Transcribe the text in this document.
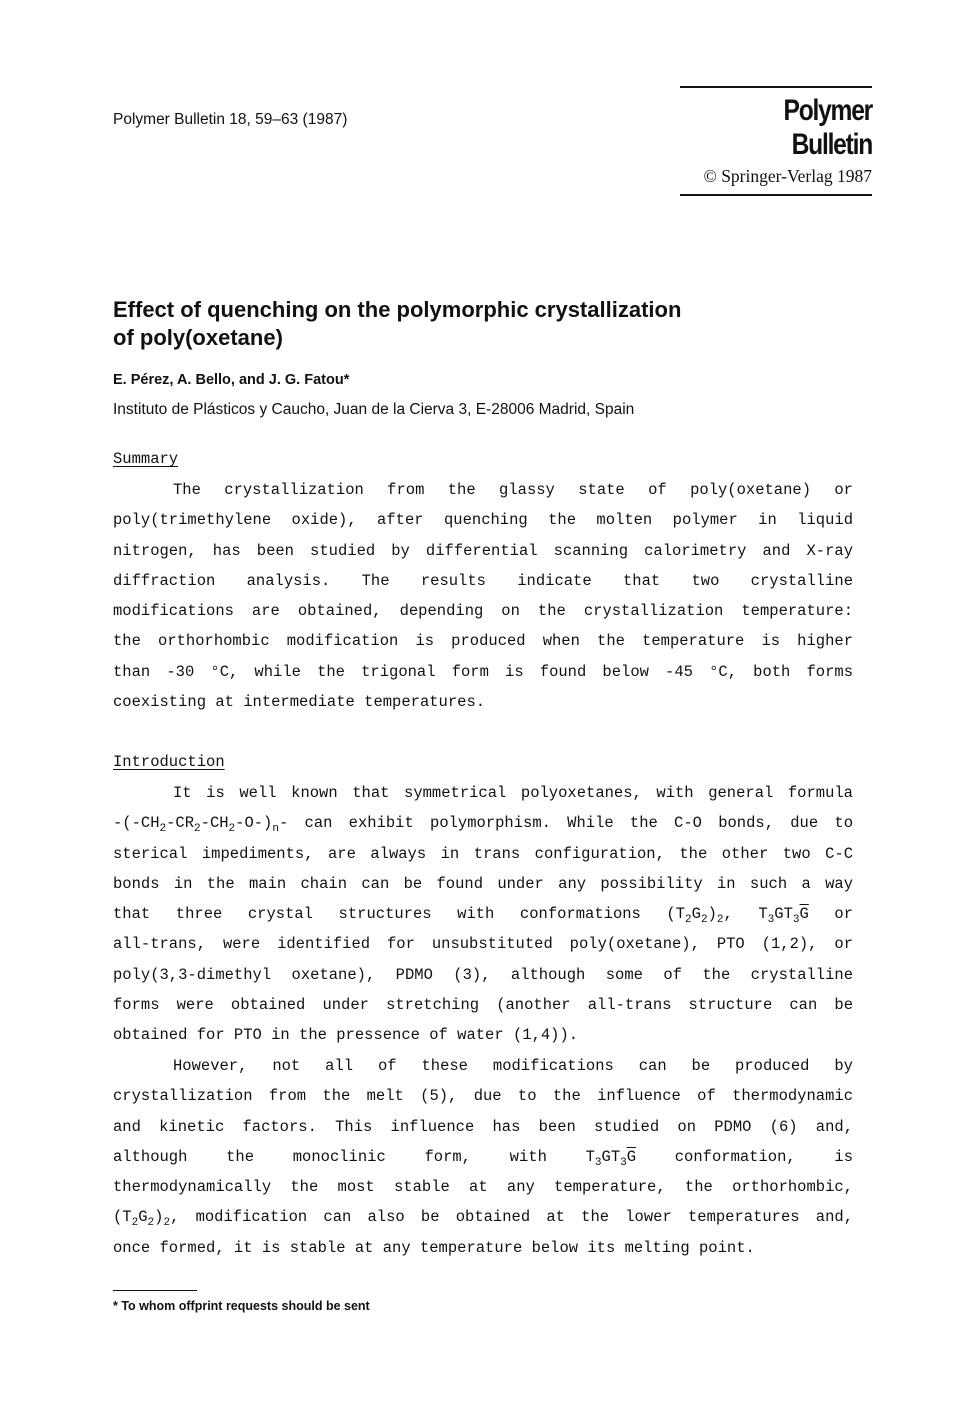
Polymer Bulletin 18, 59–63 (1987)	Polymer Bulletin
© Springer-Verlag 1987
Effect of quenching on the polymorphic crystallization
of poly(oxetane)
E. Pérez, A. Bello, and J. G. Fatou*
Instituto de Plásticos y Caucho, Juan de la Cierva 3, E-28006 Madrid, Spain
Summary
The crystallization from the glassy state of poly(oxetane) or
poly(trimethylene oxide), after quenching the molten polymer in liquid
nitrogen, has been studied by differential scanning calorimetry and X-ray
diffraction analysis. The results indicate that two crystalline
modifications are obtained, depending on the crystallization temperature:
the orthorhombic modification is produced when the temperature is higher
than -30 °C, while the trigonal form is found below -45 °C, both forms
coexisting at intermediate temperatures.
Introduction
It is well known that symmetrical polyoxetanes, with general formula
$-(-CH_2-CR_2-CH_2-O-)_n-$ can exhibit polymorphism. While the C-O bonds, due to
sterical impediments, are always in trans configuration, the other two C-C
bonds in the main chain can be found under any possibility in such a way
that three crystal structures with conformations $(T_2G_2)_2$, $T_3GT_3\overline{G}$ or
all-trans, were identified for unsubstituted poly(oxetane), PTO (1,2), or
poly(3,3-dimethyl oxetane), PDMO (3), although some of the crystalline
forms were obtained under stretching (another all-trans structure can be
obtained for PTO in the pressence of water (1,4)).
However, not all of these modifications can be produced by
crystallization from the melt (5), due to the influence of thermodynamic
and kinetic factors. This influence has been studied on PDMO (6) and,
although the monoclinic form, with $T_3GT_3\overline{G}$ conformation, is
thermodynamically the most stable at any temperature, the orthorhombic,
$(T_2G_2)_2$, modification can also be obtained at the lower temperatures and,
once formed, it is stable at any temperature below its melting point.
* To whom offprint requests should be sent
